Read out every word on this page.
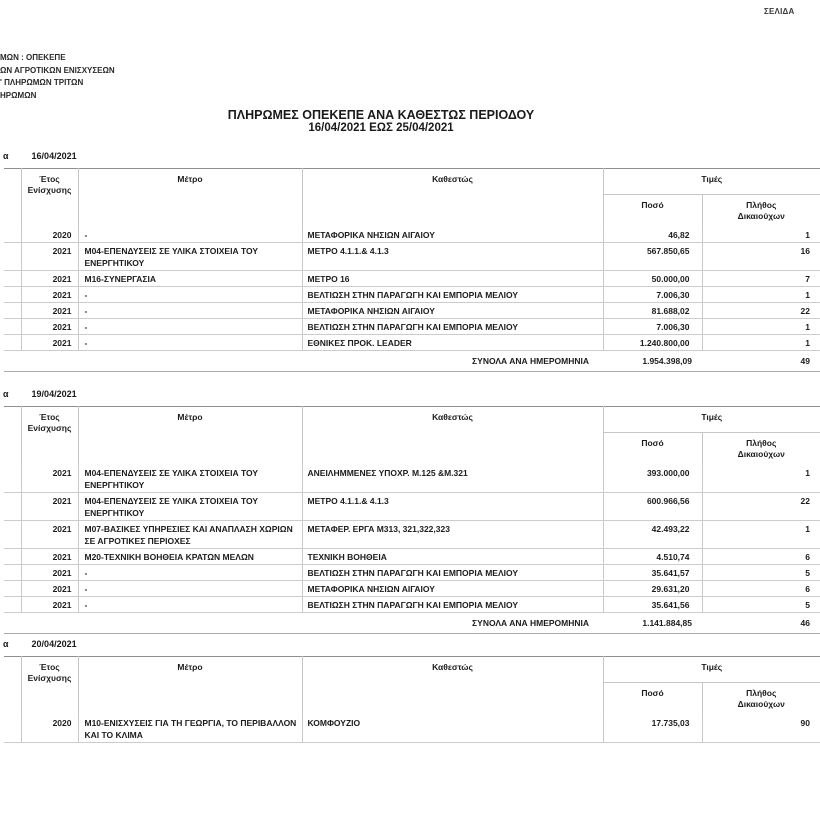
ΣΕΛΙΔΑ
ΜΩΝ : ΟΠΕΚΕΠΕ
ΩΝ ΑΓΡΟΤΙΚΩΝ ΕΝΙΣΧΥΣΕΩΝ
' ΠΛΗΡΩΜΩΝ ΤΡΙΤΩΝ
ΗΡΩΜΩΝ
ΠΛΗΡΩΜΕΣ ΟΠΕΚΕΠΕ ΑΝΑ ΚΑΘΕΣΤΩΣ ΠΕΡΙΟΔΟΥ
16/04/2021 ΕΩΣ 25/04/2021
α	16/04/2021
	Έτος Ενίσχυσης	Μέτρο	Καθεστώς	Τιμές	
				Ποσό	Πλήθος Δικαιούχων
	2020	-	ΜΕΤΑΦΟΡΙΚΑ ΝΗΣΙΩΝ ΑΙΓΑΙΟΥ	46,82	1
	2021	Μ04-ΕΠΕΝΔΥΣΕΙΣ ΣΕ ΥΛΙΚΑ ΣΤΟΙΧΕΙΑ ΤΟΥ ΕΝΕΡΓΗΤΙΚΟΥ	ΜΕΤΡΟ 4.1.1.& 4.1.3	567.850,65	16
	2021	Μ16-ΣΥΝΕΡΓΑΣΙΑ	ΜΕΤΡΟ 16	50.000,00	7
	2021	-	ΒΕΛΤΙΩΣΗ ΣΤΗΝ ΠΑΡΑΓΩΓΗ ΚΑΙ ΕΜΠΟΡΙΑ ΜΕΛΙΟΥ	7.006,30	1
	2021	-	ΜΕΤΑΦΟΡΙΚΑ ΝΗΣΙΩΝ ΑΙΓΑΙΟΥ	81.688,02	22
	2021	-	ΒΕΛΤΙΩΣΗ ΣΤΗΝ ΠΑΡΑΓΩΓΗ ΚΑΙ ΕΜΠΟΡΙΑ ΜΕΛΙΟΥ	7.006,30	1
	2021	-	ΕΘΝΙΚΕΣ ΠΡΟΚ. LEADER	1.240.800,00	1
ΣΥΝΟΛΑ ΑΝΑ ΗΜΕΡΟΜΗΝΙΑ				1.954.398,09	49
α	19/04/2021
	Έτος Ενίσχυσης	Μέτρο	Καθεστώς	Τιμές	
				Ποσό	Πλήθος Δικαιούχων
	2021	Μ04-ΕΠΕΝΔΥΣΕΙΣ ΣΕ ΥΛΙΚΑ ΣΤΟΙΧΕΙΑ ΤΟΥ ΕΝΕΡΓΗΤΙΚΟΥ	ΑΝΕΙΛΗΜΜΕΝΕΣ ΥΠΟΧΡ. Μ.125 &Μ.321	393.000,00	1
	2021	Μ04-ΕΠΕΝΔΥΣΕΙΣ ΣΕ ΥΛΙΚΑ ΣΤΟΙΧΕΙΑ ΤΟΥ ΕΝΕΡΓΗΤΙΚΟΥ	ΜΕΤΡΟ 4.1.1.& 4.1.3	600.966,56	22
	2021	Μ07-ΒΑΣΙΚΕΣ ΥΠΗΡΕΣΙΕΣ ΚΑΙ ΑΝΑΠΛΑΣΗ ΧΩΡΙΩΝ ΣΕ ΑΓΡΟΤΙΚΕΣ ΠΕΡΙΟΧΕΣ	ΜΕΤΑΦΕΡ. ΕΡΓΑ Μ313, 321,322,323	42.493,22	1
	2021	Μ20-ΤΕΧΝΙΚΗ ΒΟΗΘΕΙΑ ΚΡΑΤΩΝ ΜΕΛΩΝ	ΤΕΧΝΙΚΗ ΒΟΗΘΕΙΑ	4.510,74	6
	2021	-	ΒΕΛΤΙΩΣΗ ΣΤΗΝ ΠΑΡΑΓΩΓΗ ΚΑΙ ΕΜΠΟΡΙΑ ΜΕΛΙΟΥ	35.641,57	5
	2021	-	ΜΕΤΑΦΟΡΙΚΑ ΝΗΣΙΩΝ ΑΙΓΑΙΟΥ	29.631,20	6
	2021	-	ΒΕΛΤΙΩΣΗ ΣΤΗΝ ΠΑΡΑΓΩΓΗ ΚΑΙ ΕΜΠΟΡΙΑ ΜΕΛΙΟΥ	35.641,56	5
ΣΥΝΟΛΑ ΑΝΑ ΗΜΕΡΟΜΗΝΙΑ				1.141.884,85	46
α	20/04/2021
	Έτος Ενίσχυσης	Μέτρο	Καθεστώς	Τιμές	
				Ποσό	Πλήθος Δικαιούχων
	2020	Μ10-ΕΝΙΣΧΥΣΕΙΣ ΓΙΑ ΤΗ ΓΕΩΡΓΙΑ, ΤΟ ΠΕΡΙΒΑΛΛΟΝ ΚΑΙ ΤΟ ΚΛΙΜΑ	ΚΟΜΦΟΥΖΙΟ	17.735,03	90
